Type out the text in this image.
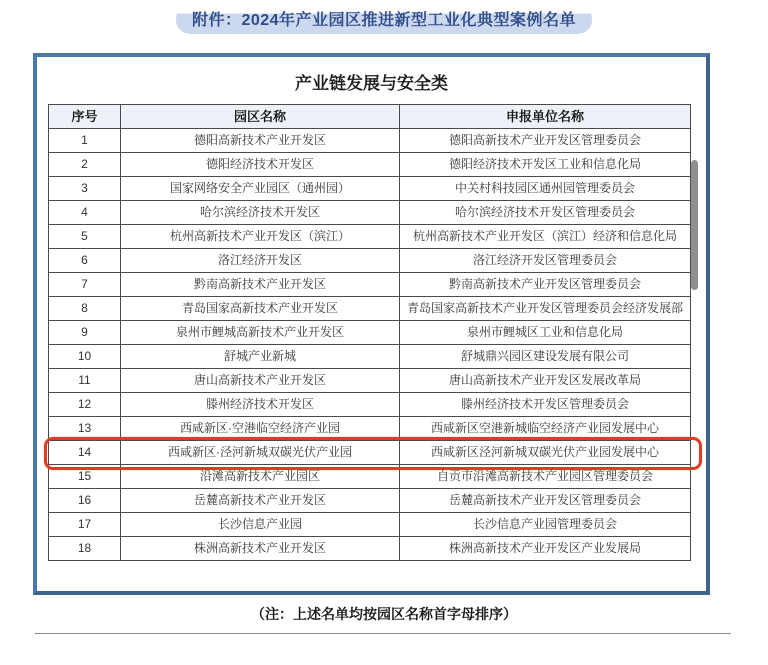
附件：2024年产业园区推进新型工业化典型案例名单
产业链发展与安全类
序号	园区名称	申报单位名称
1	德阳高新技术产业开发区	德阳高新技术产业开发区管理委员会
2	德阳经济技术开发区	德阳经济技术开发区工业和信息化局
3	国家网络安全产业园区（通州园）	中关村科技园区通州园管理委员会
4	哈尔滨经济技术开发区	哈尔滨经济技术开发区管理委员会
5	杭州高新技术产业开发区（滨江）	杭州高新技术产业开发区（滨江）经济和信息化局
6	洛江经济开发区	洛江经济开发区管理委员会
7	黔南高新技术产业开发区	黔南高新技术产业开发区管理委员会
8	青岛国家高新技术产业开发区	青岛国家高新技术产业开发区管理委员会经济发展部
9	泉州市鲤城高新技术产业开发区	泉州市鲤城区工业和信息化局
10	舒城产业新城	舒城鼎兴园区建设发展有限公司
11	唐山高新技术产业开发区	唐山高新技术产业开发区发展改革局
12	滕州经济技术开发区	滕州经济技术开发区管理委员会
13	西咸新区·空港临空经济产业园	西咸新区空港新城临空经济产业园发展中心
14	西咸新区·泾河新城双碳光伏产业园	西咸新区泾河新城双碳光伏产业园发展中心
15	沿滩高新技术产业园区	自贡市沿滩高新技术产业园区管理委员会
16	岳麓高新技术产业开发区	岳麓高新技术产业开发区管理委员会
17	长沙信息产业园	长沙信息产业园管理委员会
18	株洲高新技术产业开发区	株洲高新技术产业开发区产业发展局
（注：上述名单均按园区名称首字母排序）
